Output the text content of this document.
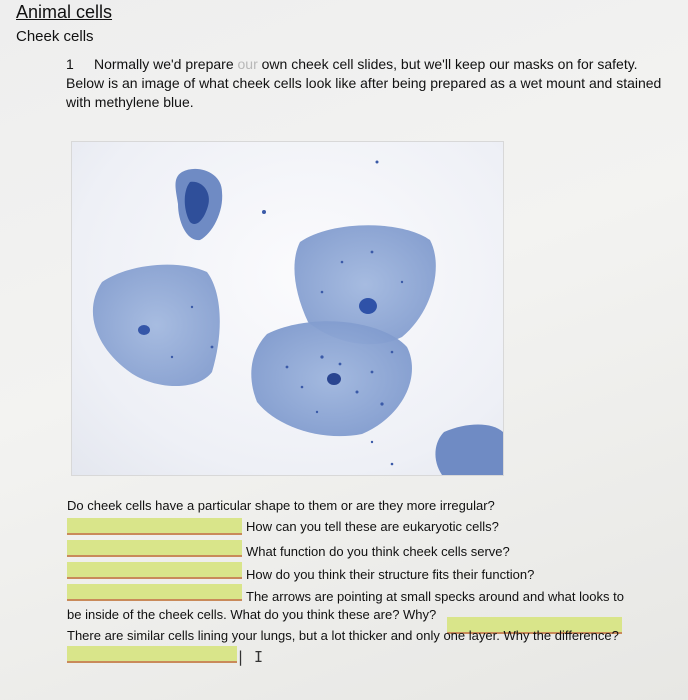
Animal cells
Cheek cells
1 Normally we'd prepare our own cheek cell slides, but we'll keep our masks on for safety.
Below is an image of what cheek cells look like after being prepared as a wet mount and stained
with methylene blue.
Do cheek cells have a particular shape to them or are they more irregular?
How can you tell these are eukaryotic cells?
What function do you think cheek cells serve?
How do you think their structure fits their function?
The arrows are pointing at small specks around and what looks to
be inside of the cheek cells. What do you think these are? Why?
There are similar cells lining your lungs, but a lot thicker and only one layer. Why the difference?
| I
